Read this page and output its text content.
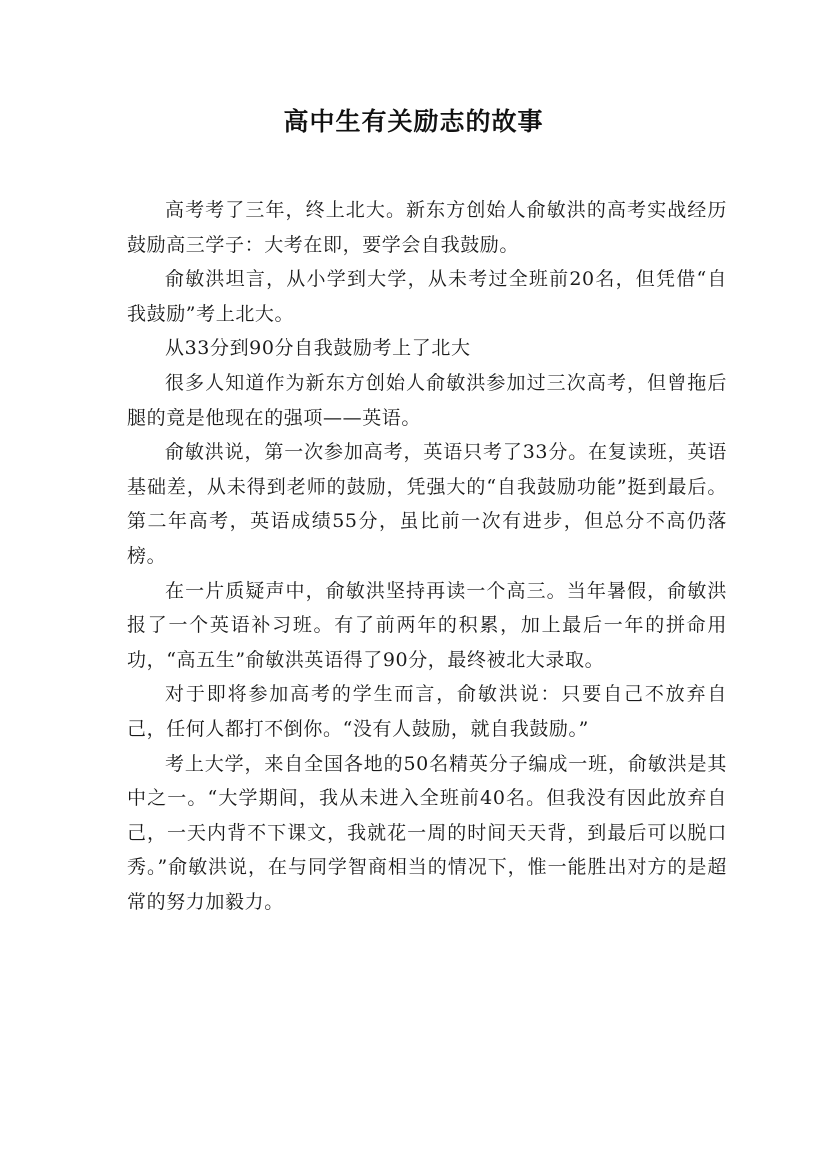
高中生有关励志的故事

高考考了三年，终上北大。新东方创始人俞敏洪的高考实战经历鼓励高三学子：大考在即，要学会自我鼓励。

俞敏洪坦言，从小学到大学，从未考过全班前20名，但凭借“自我鼓励”考上北大。

从33分到90分自我鼓励考上了北大

很多人知道作为新东方创始人俞敏洪参加过三次高考，但曾拖后腿的竟是他现在的强项——英语。

俞敏洪说，第一次参加高考，英语只考了33分。在复读班，英语基础差，从未得到老师的鼓励，凭强大的“自我鼓励功能”挺到最后。第二年高考，英语成绩55分，虽比前一次有进步，但总分不高仍落榜。

在一片质疑声中，俞敏洪坚持再读一个高三。当年暑假，俞敏洪报了一个英语补习班。有了前两年的积累，加上最后一年的拼命用功，“高五生”俞敏洪英语得了90分，最终被北大录取。

对于即将参加高考的学生而言，俞敏洪说：只要自己不放弃自己，任何人都打不倒你。“没有人鼓励，就自我鼓励。”

考上大学，来自全国各地的50名精英分子编成一班，俞敏洪是其中之一。“大学期间，我从未进入全班前40名。但我没有因此放弃自己，一天内背不下课文，我就花一周的时间天天背，到最后可以脱口秀。”俞敏洪说，在与同学智商相当的情况下，惟一能胜出对方的是超常的努力加毅力。
